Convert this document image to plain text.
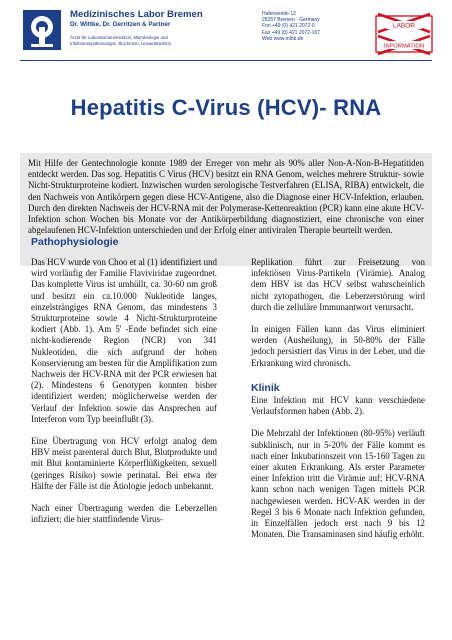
Medizinisches Labor Bremen
Dr. Wittke, Dr. Gerritzen & Partner
Ärzte für Laboratoriumsmedizin, Mikrobiologie und
Infektionsepidemiologie, Biochemie, Umweltmedizin
Haferwende 12
28357 Bremen · Germany
Fon +49 (0) 421 2072-0
Fax +49 (0) 421 2072-167
Web www.mlhb.de
LABOR
INFORMATION
Hepatitis C-Virus (HCV)- RNA
Mit Hilfe der Gentechnologie konnte 1989 der Erreger von mehr als 90% aller Non-A-Non-B-Hepatitiden entdeckt werden. Das sog. Hepatitis C Virus (HCV) besitzt ein RNA Genom, welches mehrere Struktur- sowie Nicht-Strukturproteine kodiert. Inzwischen wurden serologische Testverfahren (ELISA, RIBA) entwickelt, die den Nachweis von Antikörpern gegen diese HCV-Antigene, also die Diagnose einer HCV-Infektion, erlauben. Durch den direkten Nachweis der HCV-RNA mit der Polymerase-Kettenreaktion (PCR) kann eine akute HCV-Infektion schon Wochen bis Monate vor der Antikörperbildung diagnostiziert, eine chronische von einer abgelaufenen HCV-Infektion unterschieden und der Erfolg einer antiviralen Therapie beurteilt werden.
Pathophysiologie

Das HCV wurde von Choo et al (1) identifiziert und wird vorläufig der Familie Flaviviridae zugeordnet. Das komplette Virus ist umhüllt, ca. 30-60 nm groß und besitzt ein ca.10.000 Nukleotide langes, einzelsträngiges RNA Genom, das mindestens 3 Strukturproteine sowie 4 Nicht-Strukturproteine kodiert (Abb. 1). Am 5' -Ende befindet sich eine nicht-kodierende Region (NCR) von 341 Nukleotiden, die sich aufgrund der hohen Konservierung am besten für die Amplifikation zum Nachweis der HCV-RNA mit der PCR erwiesen hat (2). Mindestens 6 Genotypen konnten bisher identifiziert werden; möglicherweise werden der Verlauf der Infektion sowie das Ansprechen auf Interferon vom Typ beeinflußt (3).

Eine Übertragung von HCV erfolgt analog dem HBV meist parenteral durch Blut, Blutprodukte und mit Blut kontaminierte Körperflüßigkeiten, sexuell (geringes Risiko) sowie perinatal. Bei etwa der Hälfte der Fälle ist die Ätiologie jedoch unbekannt.

Nach einer Übertragung werden die Leberzellen infiziert; die hier stattfindende Virus-

Replikation führt zur Freisetzung von infektiösen Virus-Partikeln (Virämie). Analog dem HBV ist das HCV selbst wahrscheinlich nicht zytopathogen, die Leberzerstörung wird durch die zelluläre Immunantwort verursacht.

In einigen Fällen kann das Virus eliminiert werden (Ausheilung), in 50-80% der Fälle jedoch persistiert das Virus in der Leber, und die Erkrankung wird chronisch.

Klinik

Eine Infektion mit HCV kann verschiedene Verlaufsformen haben (Abb. 2).

Die Mehrzahl der Infektionen (80-95%) verläuft subklinisch, nur in 5-20% der Fälle kommt es nach einer Inkubationszeit von 15-160 Tagen zu einer akuten Erkrankung. Als erster Parameter einer Infektion tritt die Virämie auf; HCV-RNA kann schon nach wenigen Tagen mittels PCR nachgewiesen werden. HCV-AK werden in der Regel 3 bis 6 Monate nach Infektion gefunden, in Einzelfällen jedoch erst nach 9 bis 12 Monaten. Die Transaminasen sind häufig erhöht.
